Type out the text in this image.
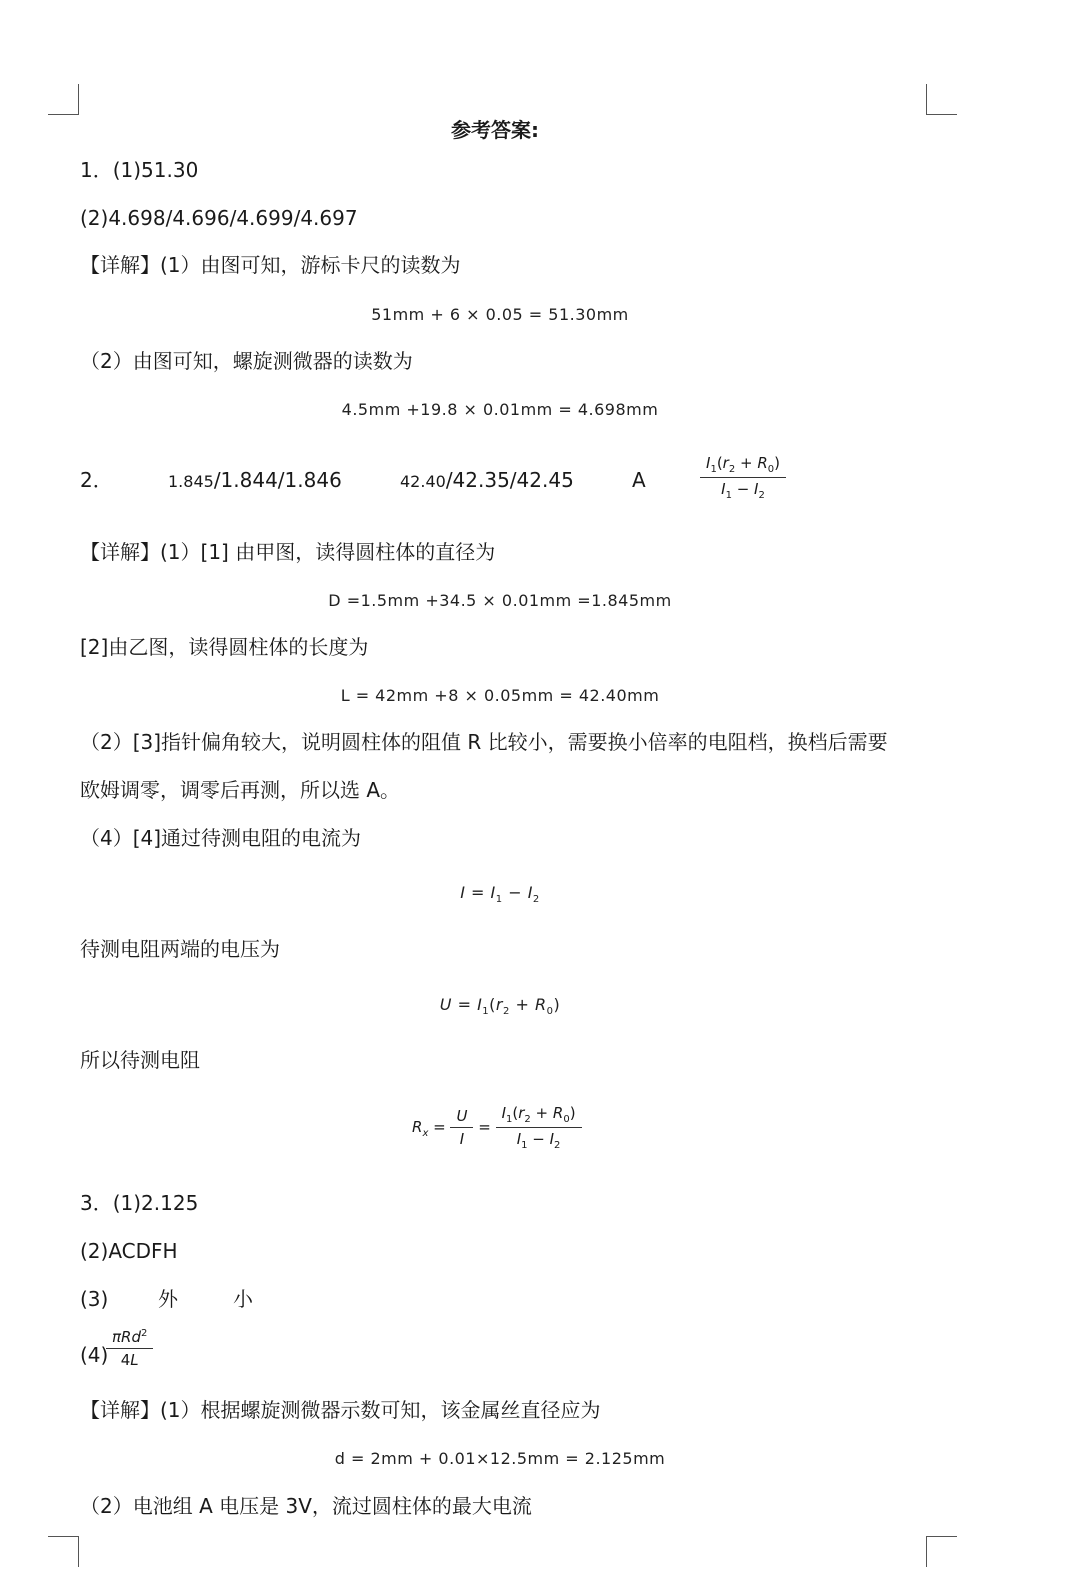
参考答案:
1．(1)51.30
(2)4.698/4.696/4.699/4.697
【详解】(1）由图可知，游标卡尺的读数为
51mm + 6 × 0.05 = 51.30mm
（2）由图可知，螺旋测微器的读数为
4.5mm +19.8 × 0.01mm = 4.698mm
2．	1.845/1.844/1.846	42.40/42.35/42.45	A	$\frac{I_1(r_2 + R_0)}{I_1 - I_2}$
【详解】(1）[1] 由甲图，读得圆柱体的直径为
D =1.5mm +34.5 × 0.01mm =1.845mm
[2]由乙图，读得圆柱体的长度为
L = 42mm +8 × 0.05mm = 42.40mm
（2）[3]指针偏角较大，说明圆柱体的阻值 R 比较小，需要换小倍率的电阻档，换档后需要
欧姆调零，调零后再测，所以选 A。
（4）[4]通过待测电阻的电流为
$I = I_1 - I_2$
待测电阻两端的电压为
$U = I_1(r_2 + R_0)$
所以待测电阻
$R_x = \frac{U}{I} = \frac{I_1(r_2 + R_0)}{I_1 - I_2}$
3．(1)2.125
(2)ACDFH
(3) 外	小
(4)
$\frac{\pi Rd^2}{4L}$
【详解】(1）根据螺旋测微器示数可知，该金属丝直径应为
d = 2mm + 0.01×12.5mm = 2.125mm
（2）电池组 A 电压是 3V，流过圆柱体的最大电流
